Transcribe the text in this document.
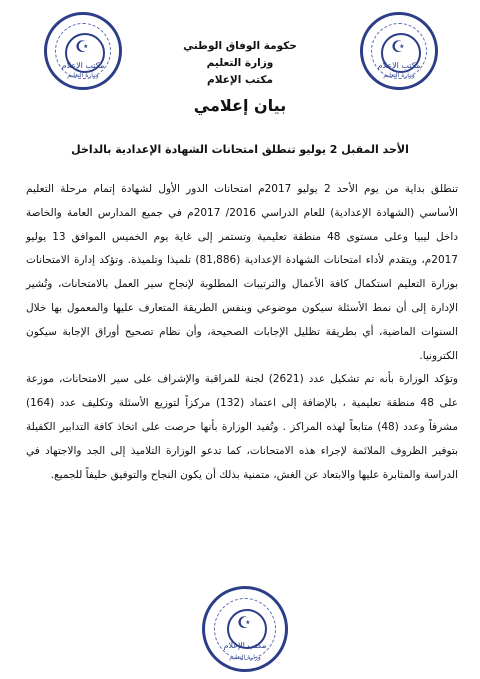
☪
مكتب الإعلام
وزارة التعليم
☪
مكتب الإعلام
وزارة التعليم
حكومة الوفاق الوطني
وزارة التعليم
مكتب الإعلام
بيان إعلامي
الأحد المقبل 2 يوليو تنطلق امتحانات الشهادة الإعدادية بالداخل

تنطلق بداية من يوم الأحد 2 يوليو 2017م امتحانات الدور الأول لشهادة إتمام مرحلة التعليم الأساسي (الشهادة الإعدادية) للعام الدراسي 2016/ 2017م في جميع المدارس العامة والخاصة داخل ليبيا وعلى مستوى 48 منطقة تعليمية وتستمر إلى غاية يوم الخميس الموافق 13 يوليو 2017م، ويتقدم لأداء امتحانات الشهادة الإعدادية (81,886) تلميذا وتلميذة. وتؤكد إدارة الامتحانات بوزارة التعليم استكمال كافة الأعمال والترتيبات المطلوبة لإنجاح سير العمل بالامتحانات، وتُشير الإدارة إلى أن نمط الأسئلة سيكون موضوعي وبنفس الطريقة المتعارف عليها والمعمول بها خلال السنوات الماضية، أي بطريقة تظليل الإجابات الصحيحة، وأن نظام تصحيح أوراق الإجابة سيكون الكترونيا.

وتؤكد الوزارة بأنه تم تشكيل عدد (2621) لجنة للمراقبة والإشراف على سير الامتحانات، موزعة على 48 منطقة تعليمية ، بالإضافة إلى اعتماد (132) مركزاً لتوزيع الأسئلة وتكليف عدد (164) مشرفاً وعدد (48) متابعاً لهذه المراكز . وتُفيد الوزارة بأنها حرصت على اتخاذ كافة التدابير الكفيلة بتوفير الظروف الملائمة لإجراء هذه الامتحانات، كما تدعو الوزارة التلاميذ إلى الجد والاجتهاد في الدراسة والمثابرة عليها والابتعاد عن الغش، متمنية بذلك أن يكون النجاح والتوفيق حليفاً للجميع.

☪
مكتب الإعلام
وزارة التعليم
